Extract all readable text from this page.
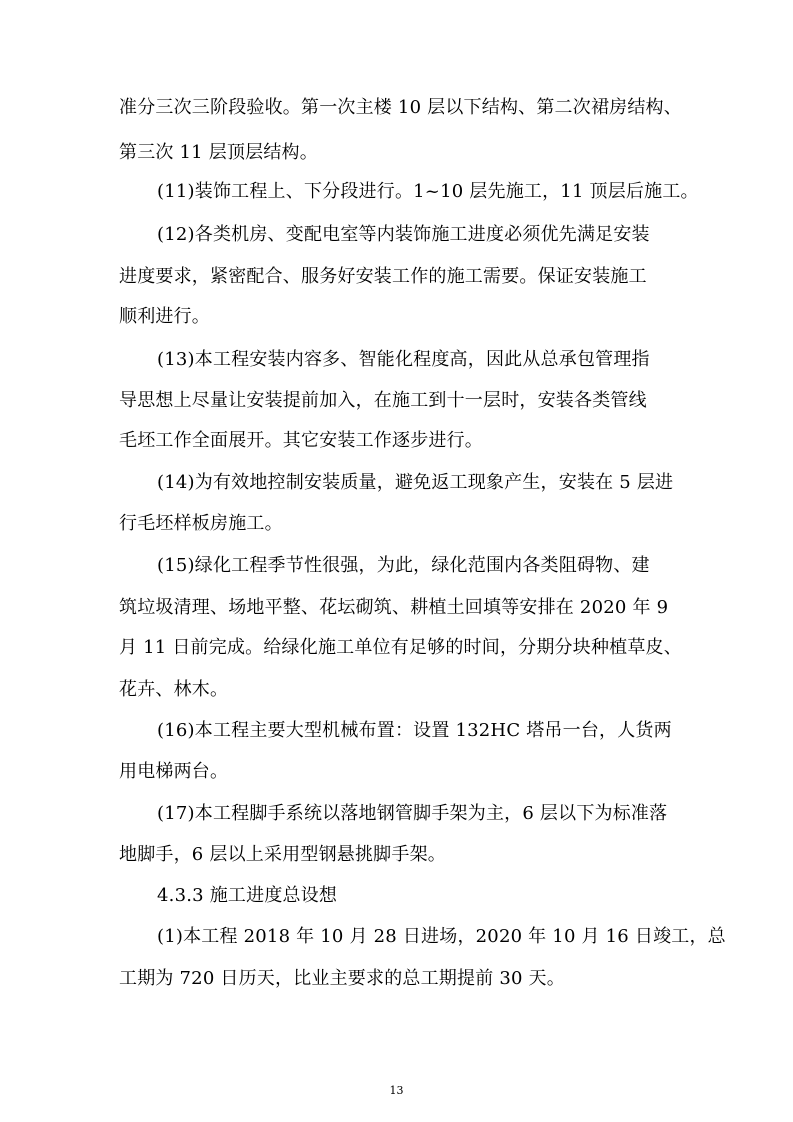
准分三次三阶段验收。第一次主楼 10 层以下结构、第二次裙房结构、

第三次 11 层顶层结构。

(11)装饰工程上、下分段进行。1~10 层先施工，11 顶层后施工。

(12)各类机房、变配电室等内装饰施工进度必须优先满足安装

进度要求，紧密配合、服务好安装工作的施工需要。保证安装施工

顺利进行。

(13)本工程安装内容多、智能化程度高，因此从总承包管理指

导思想上尽量让安装提前加入，在施工到十一层时，安装各类管线

毛坯工作全面展开。其它安装工作逐步进行。

(14)为有效地控制安装质量，避免返工现象产生，安装在 5 层进

行毛坯样板房施工。

(15)绿化工程季节性很强，为此，绿化范围内各类阻碍物、建

筑垃圾清理、场地平整、花坛砌筑、耕植土回填等安排在 2020 年 9

月 11 日前完成。给绿化施工单位有足够的时间，分期分块种植草皮、

花卉、林木。

(16)本工程主要大型机械布置：设置 132HC 塔吊一台，人货两

用电梯两台。

(17)本工程脚手系统以落地钢管脚手架为主，6 层以下为标准落

地脚手，6 层以上采用型钢悬挑脚手架。

4.3.3 施工进度总设想

(1)本工程 2018 年 10 月 28 日进场，2020 年 10 月 16 日竣工，总

工期为 720 日历天，比业主要求的总工期提前 30 天。

13
